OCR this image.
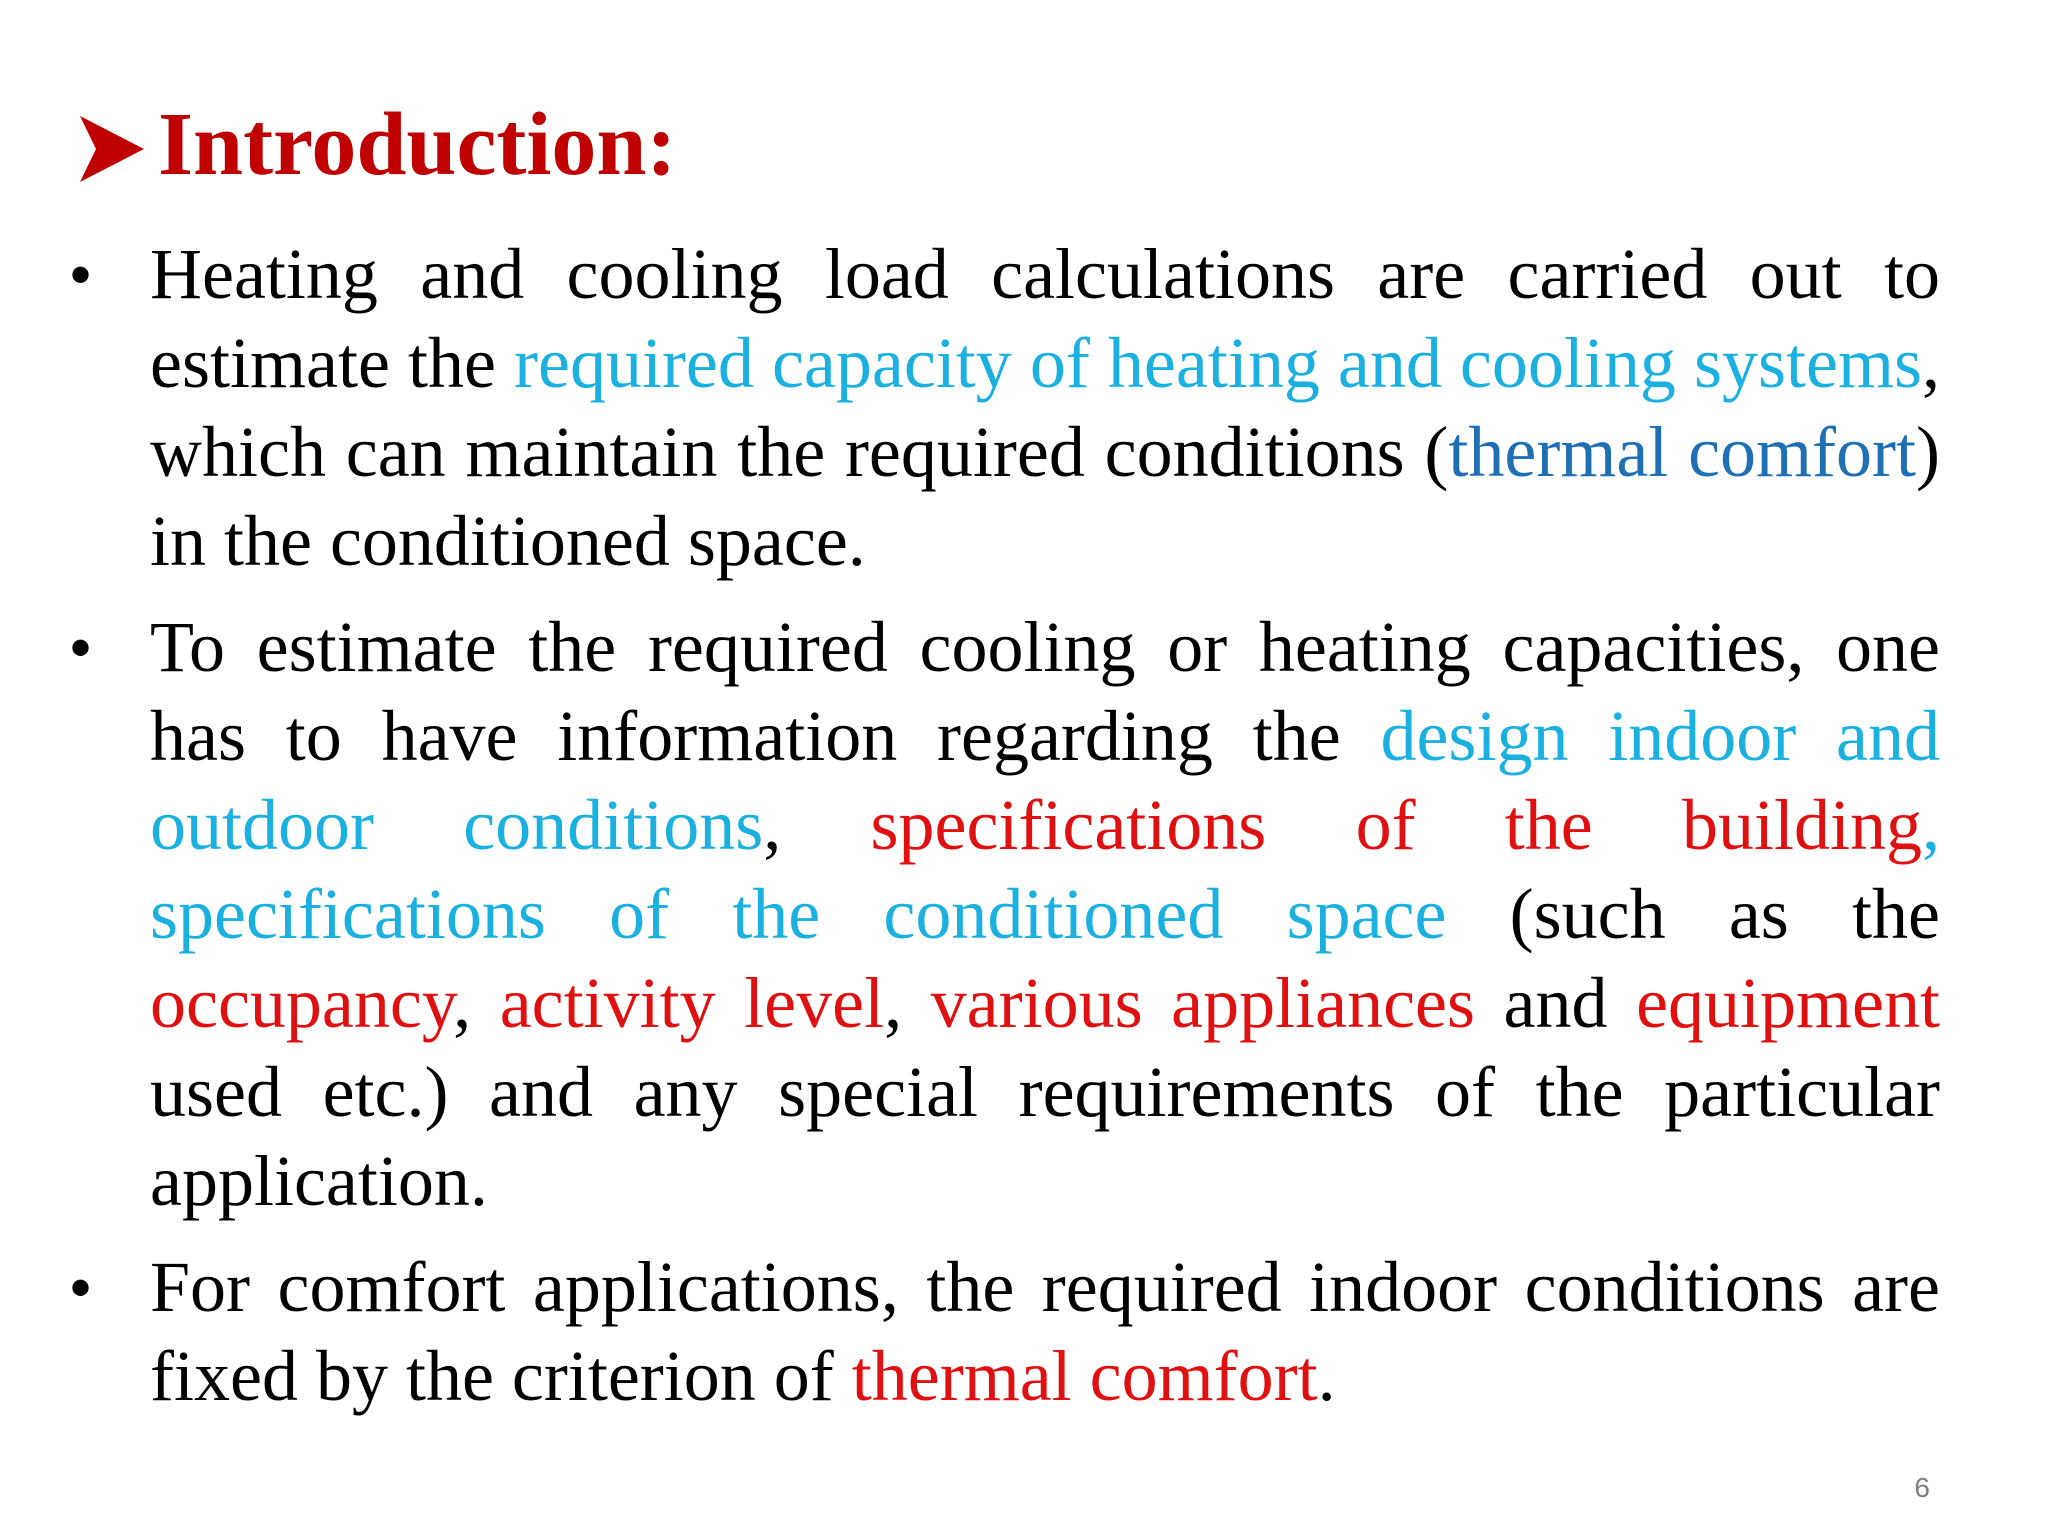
Introduction:
• Heating and cooling load calculations are carried out to estimate the required capacity of heating and cooling systems, which can maintain the required conditions (thermal comfort) in the conditioned space.
• To estimate the required cooling or heating capacities, one has to have information regarding the design indoor and outdoor conditions, specifications of the building, specifications of the conditioned space (such as the occupancy, activity level, various appliances and equipment used etc.) and any special requirements of the particular application.
• For comfort applications, the required indoor conditions are fixed by the criterion of thermal comfort.
6
